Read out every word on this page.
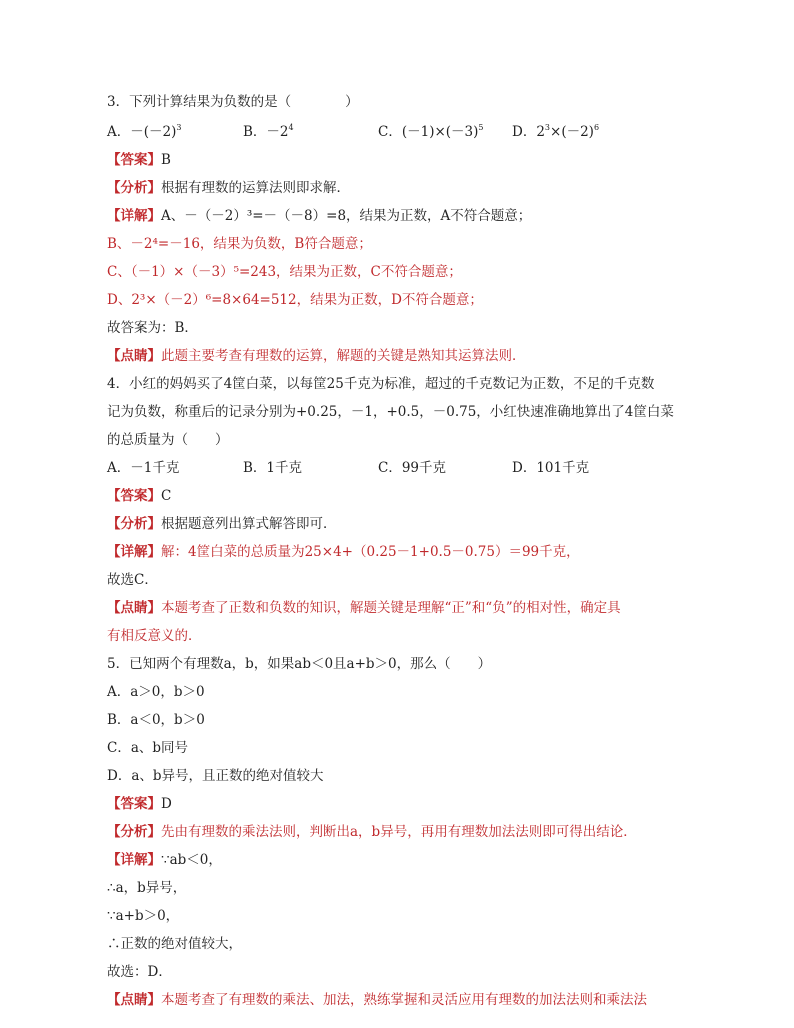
3．下列计算结果为负数的是（　　　　）
A．$-(-2)^3$	B．$-2^4$	C．$(-1)\times(-3)^5$ D．$2^3\times(-2)^6$
【答案】B
【分析】根据有理数的运算法则即求解．
【详解】A、－（－2）³=－（－8）=8，结果为正数，A不符合题意；
B、－2⁴=－16，结果为负数，B符合题意；
C、（－1）×（－3）⁵=243，结果为正数，C不符合题意；
D、2³×（－2）⁶=8×64=512，结果为正数，D不符合题意；
故答案为：B．
【点睛】此题主要考查有理数的运算，解题的关键是熟知其运算法则．
4．小红的妈妈买了4筐白菜，以每筐25千克为标准，超过的千克数记为正数，不足的千克数
记为负数，称重后的记录分别为+0.25，－1，+0.5，－0.75，小红快速准确地算出了4筐白菜
的总质量为（　　）
A．－1千克	B．1千克	C．99千克	D．101千克
【答案】C
【分析】根据题意列出算式解答即可．
【详解】解：4筐白菜的总质量为25×4+（0.25－1+0.5－0.75）＝99千克，
故选C．
【点睛】本题考查了正数和负数的知识，解题关键是理解“正”和“负”的相对性，确定具
有相反意义的．
5．已知两个有理数a，b，如果ab＜0且a+b＞0，那么（　　）
A．a＞0，b＞0
B．a＜0，b＞0
C．a、b同号
D．a、b异号，且正数的绝对值较大
【答案】D
【分析】先由有理数的乘法法则，判断出a，b异号，再用有理数加法法则即可得出结论．
【详解】∵ab＜0，
∴a，b异号，
∵a+b＞0，
∴正数的绝对值较大，
故选：D．
【点睛】本题考查了有理数的乘法、加法，熟练掌握和灵活应用有理数的加法法则和乘法法
